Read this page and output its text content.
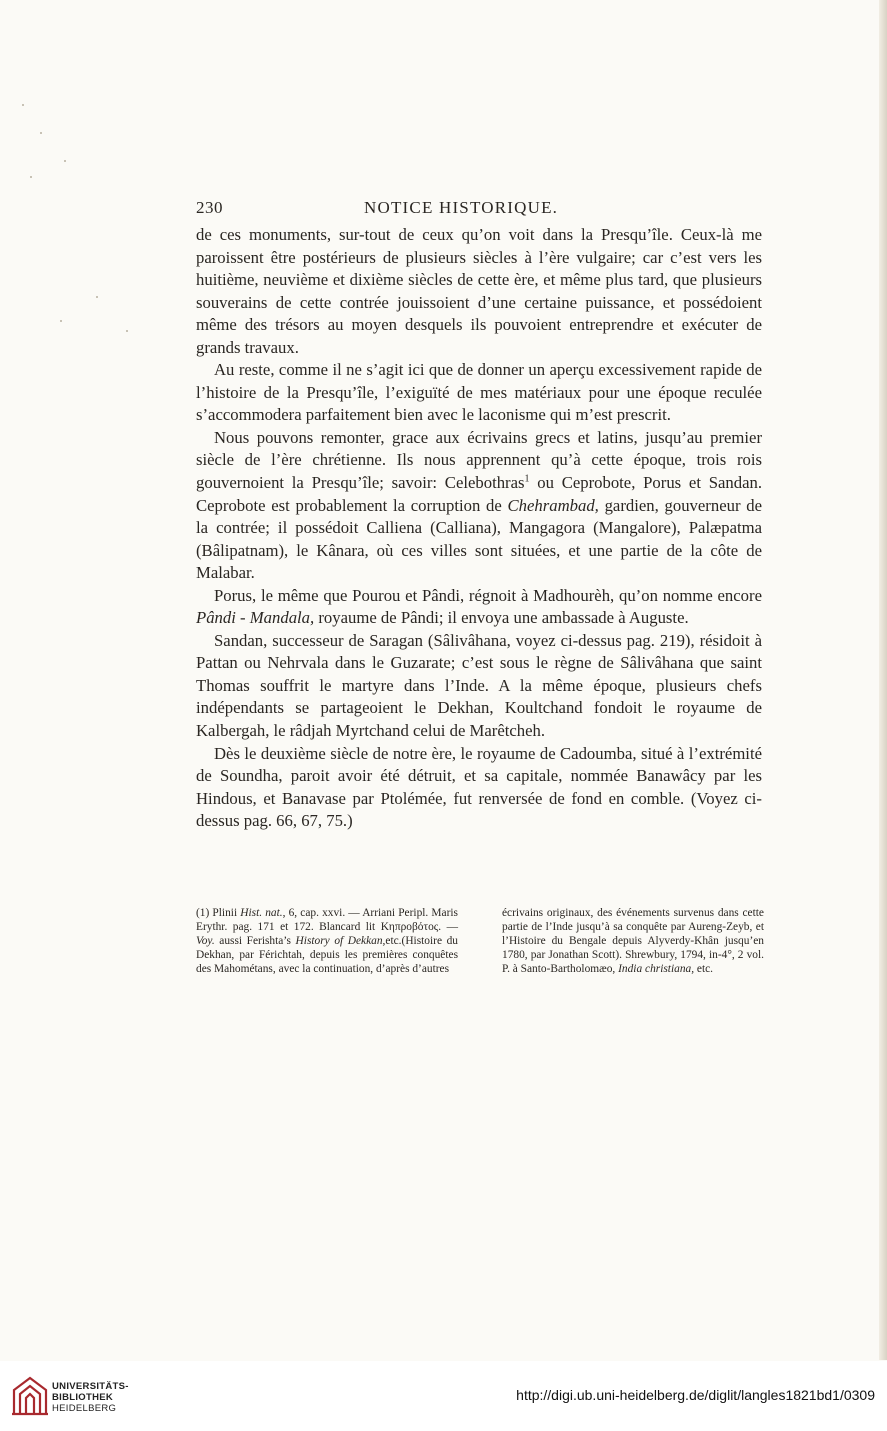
230	NOTICE HISTORIQUE.

de ces monuments, sur-tout de ceux qu’on voit dans la Presqu’île. Ceux-là me paroissent être postérieurs de plusieurs siècles à l’ère vulgaire; car c’est vers les huitième, neuvième et dixième siècles de cette ère, et même plus tard, que plusieurs souverains de cette contrée jouissoient d’une certaine puissance, et possédoient même des trésors au moyen desquels ils pouvoient entreprendre et exécuter de grands travaux.

Au reste, comme il ne s’agit ici que de donner un aperçu excessivement rapide de l’histoire de la Presqu’île, l’exiguïté de mes matériaux pour une époque reculée s’accommodera parfaitement bien avec le laconisme qui m’est prescrit.

Nous pouvons remonter, grace aux écrivains grecs et latins, jusqu’au premier siècle de l’ère chrétienne. Ils nous apprennent qu’à cette époque, trois rois gouvernoient la Presqu’île; savoir: Celebothras$^1$ ou Ceprobote, Porus et Sandan. Ceprobote est probablement la corruption de Chehrambad, gardien, gouverneur de la contrée; il possédoit Calliena (Calliana), Mangagora (Mangalore), Palæpatma (Bâlipatnam), le Kânara, où ces villes sont situées, et une partie de la côte de Malabar.

Porus, le même que Pourou et Pândi, régnoit à Madhourèh, qu’on nomme encore Pândi - Mandala, royaume de Pândi; il envoya une ambassade à Auguste.

Sandan, successeur de Saragan (Sâlivâhana, voyez ci-dessus pag. 219), résidoit à Pattan ou Nehrvala dans le Guzarate; c’est sous le règne de Sâlivâhana que saint Thomas souffrit le martyre dans l’Inde. A la même époque, plusieurs chefs indépendants se partageoient le Dekhan, Koultchand fondoit le royaume de Kalbergah, le râdjah Myrtchand celui de Marêtcheh.

Dès le deuxième siècle de notre ère, le royaume de Cadoumba, situé à l’extrémité de Soundha, paroit avoir été détruit, et sa capitale, nommée Banawâcy par les Hindous, et Banavase par Ptolémée, fut renversée de fond en comble. (Voyez ci-dessus pag. 66, 67, 75.)

(1) Plinii Hist. nat., 6, cap. xxvi. — Arriani Peripl. Maris Erythr. pag. 171 et 172. Blancard lit Κηπροβότος. — Voy. aussi Ferishta’s History of Dekkan,etc.(Histoire du Dekhan, par Férichtah, depuis les premières conquêtes des Mahométans, avec la continuation, d’après d’autres

écrivains originaux, des événements survenus dans cette partie de l’Inde jusqu’à sa conquête par Aureng-Zeyb, et l’Histoire du Bengale depuis Alyverdy-Khân jusqu’en 1780, par Jonathan Scott). Shrewbury, 1794, in-4°, 2 vol. P. à Santo-Bartholomæo, India christiana, etc.

UNIVERSITÄTS-
BIBLIOTHEK
HEIDELBERG
http://digi.ub.uni-heidelberg.de/diglit/langles1821bd1/0309
